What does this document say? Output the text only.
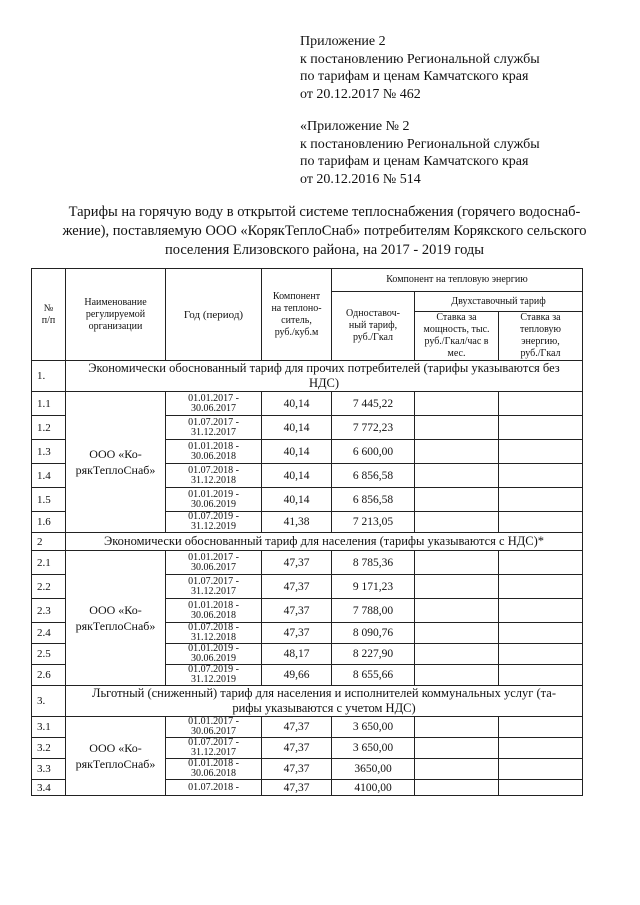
Приложение 2
к постановлению Региональной службы
по тарифам и ценам Камчатского края
от 20.12.2017 № 462
«Приложение № 2
к постановлению Региональной службы
по тарифам и ценам Камчатского края
от 20.12.2016 № 514
Тарифы на горячую воду в открытой системе теплоснабжения (горячего водоснаб-
жение), поставляемую ООО «КорякТеплоСнаб» потребителям Корякского сельского
поселения Елизовского района, на 2017 - 2019 годы
№
п/п	Наименование
регулируемой
организации	Год (период)	Компонент
на теплоно-
ситель,
руб./куб.м	Компонент на тепловую энергию		

				Одноставоч-
ный тариф,
руб./Гкал	Двухставочный тариф	

					Ставка за
мощность, тыс.
руб./Гкал/час в
мес.	Ставка за
тепловую
энергию,
руб./Гкал

1.	Экономически обоснованный тариф для прочих потребителей (тарифы указываются без
НДС)					

1.1	ООО «Ко-
рякТеплоСнаб»	01.01.2017 -
30.06.2017	40,14	7 445,22		
1.2		01.07.2017 -
31.12.2017	40,14	7 772,23		
1.3		01.01.2018 -
30.06.2018	40,14	6 600,00		
1.4		01.07.2018 -
31.12.2018	40,14	6 856,58		
1.5		01.01.2019 -
30.06.2019	40,14	6 856,58		
1.6		01.07.2019 -
31.12.2019	41,38	7 213,05		
2	Экономически обоснованный тариф для населения (тарифы указываются с НДС)*					

2.1	ООО «Ко-
рякТеплоСнаб»	01.01.2017 -
30.06.2017	47,37	8 785,36		
2.2		01.07.2017 -
31.12.2017	47,37	9 171,23		
2.3		01.01.2018 -
30.06.2018	47,37	7 788,00		
2.4		01.07.2018 -
31.12.2018	47,37	8 090,76		
2.5		01.01.2019 -
30.06.2019	48,17	8 227,90		
2.6		01.07.2019 -
31.12.2019	49,66	8 655,66		
3.	Льготный (сниженный) тариф для населения и исполнителей коммунальных услуг (та-
рифы указываются с учетом НДС)					

3.1	ООО «Ко-
рякТеплоСнаб»	01.01.2017 -
30.06.2017	47,37	3 650,00		
3.2		01.07.2017 -
31.12.2017	47,37	3 650,00		
3.3		01.01.2018 -
30.06.2018	47,37	3650,00		
3.4		01.07.2018 -	47,37	4100,00		
